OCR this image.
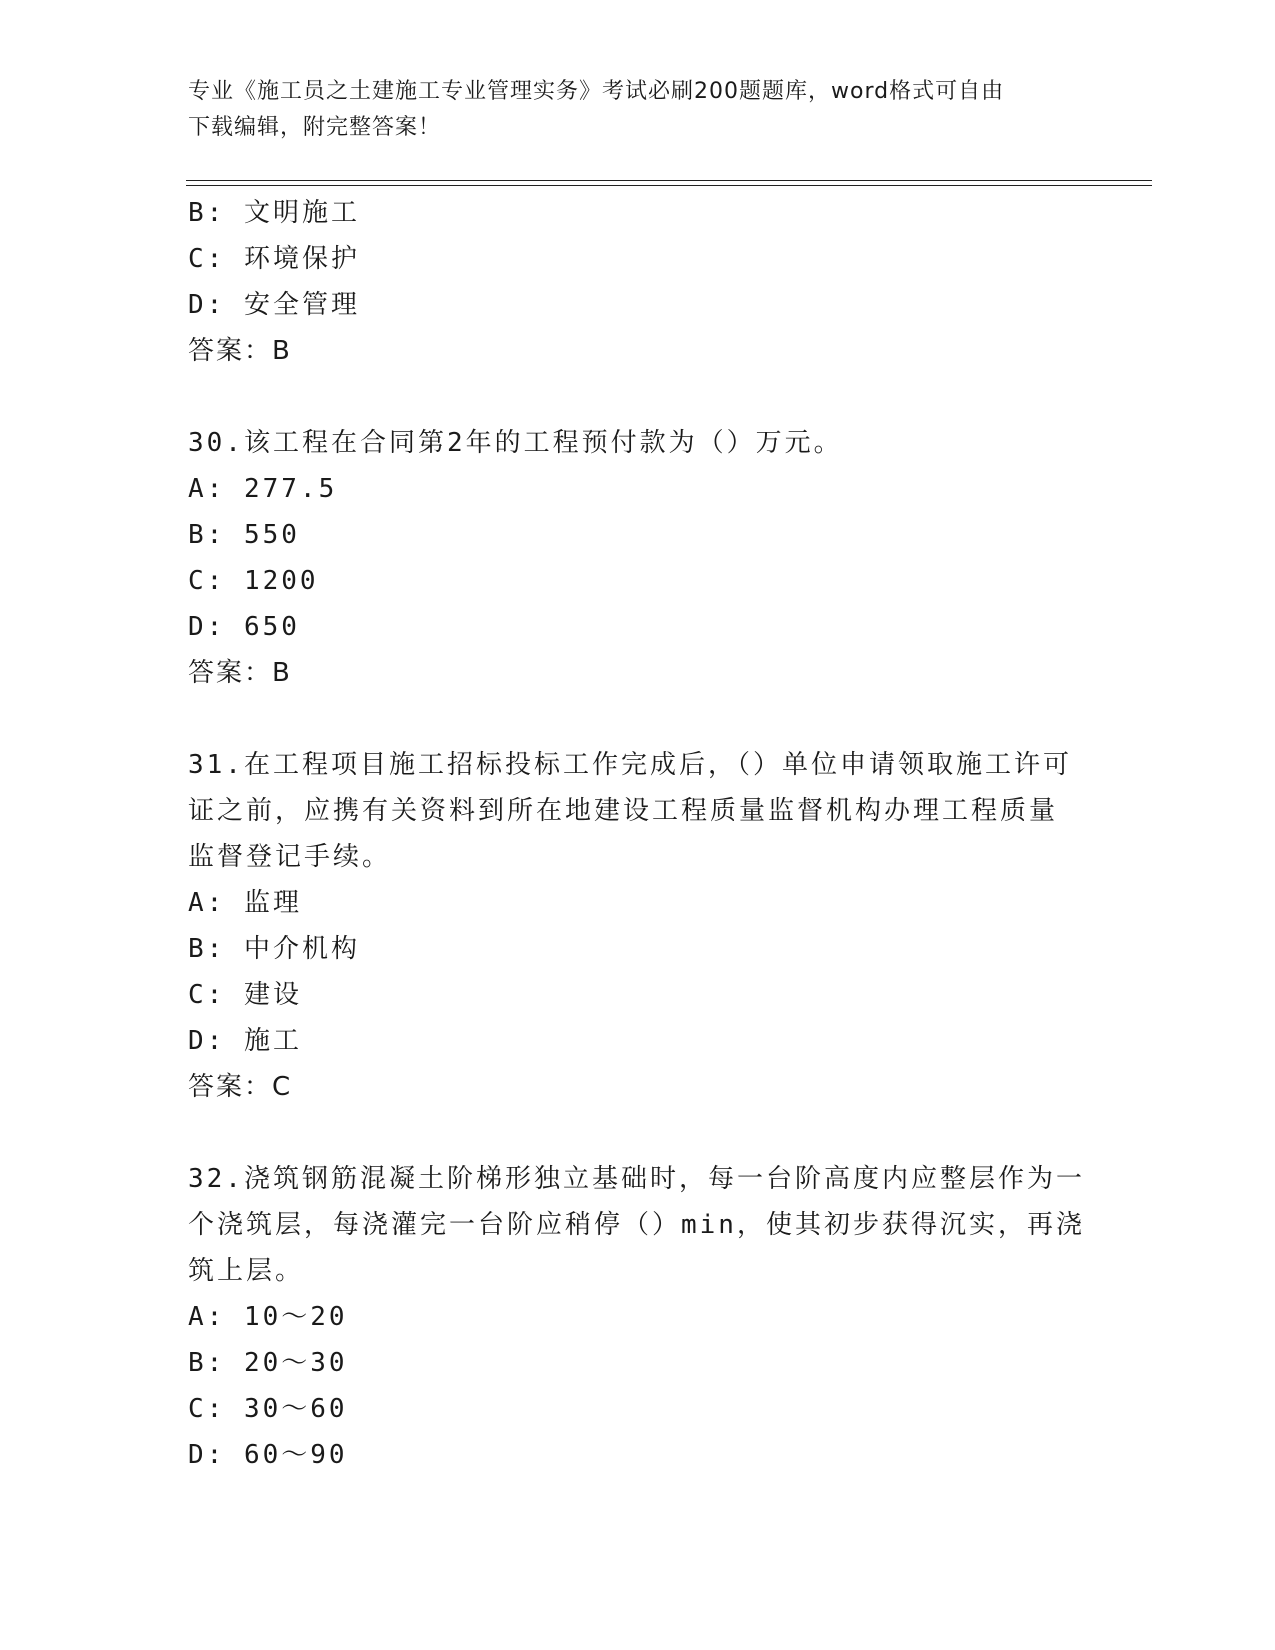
专业《施工员之土建施工专业管理实务》考试必刷200题题库，word格式可自由
下载编辑，附完整答案！
B: 文明施工
C: 环境保护
D: 安全管理
答案：B
30.该工程在合同第2年的工程预付款为（）万元。
A: 277.5
B: 550
C: 1200
D: 650
答案：B
31.在工程项目施工招标投标工作完成后，（）单位申请领取施工许可
证之前，应携有关资料到所在地建设工程质量监督机构办理工程质量
监督登记手续。
A: 监理
B: 中介机构
C: 建设
D: 施工
答案：C
32.浇筑钢筋混凝土阶梯形独立基础时，每一台阶高度内应整层作为一
个浇筑层，每浇灌完一台阶应稍停（）min，使其初步获得沉实，再浇
筑上层。
A: 10～20
B: 20～30
C: 30～60
D: 60～90
